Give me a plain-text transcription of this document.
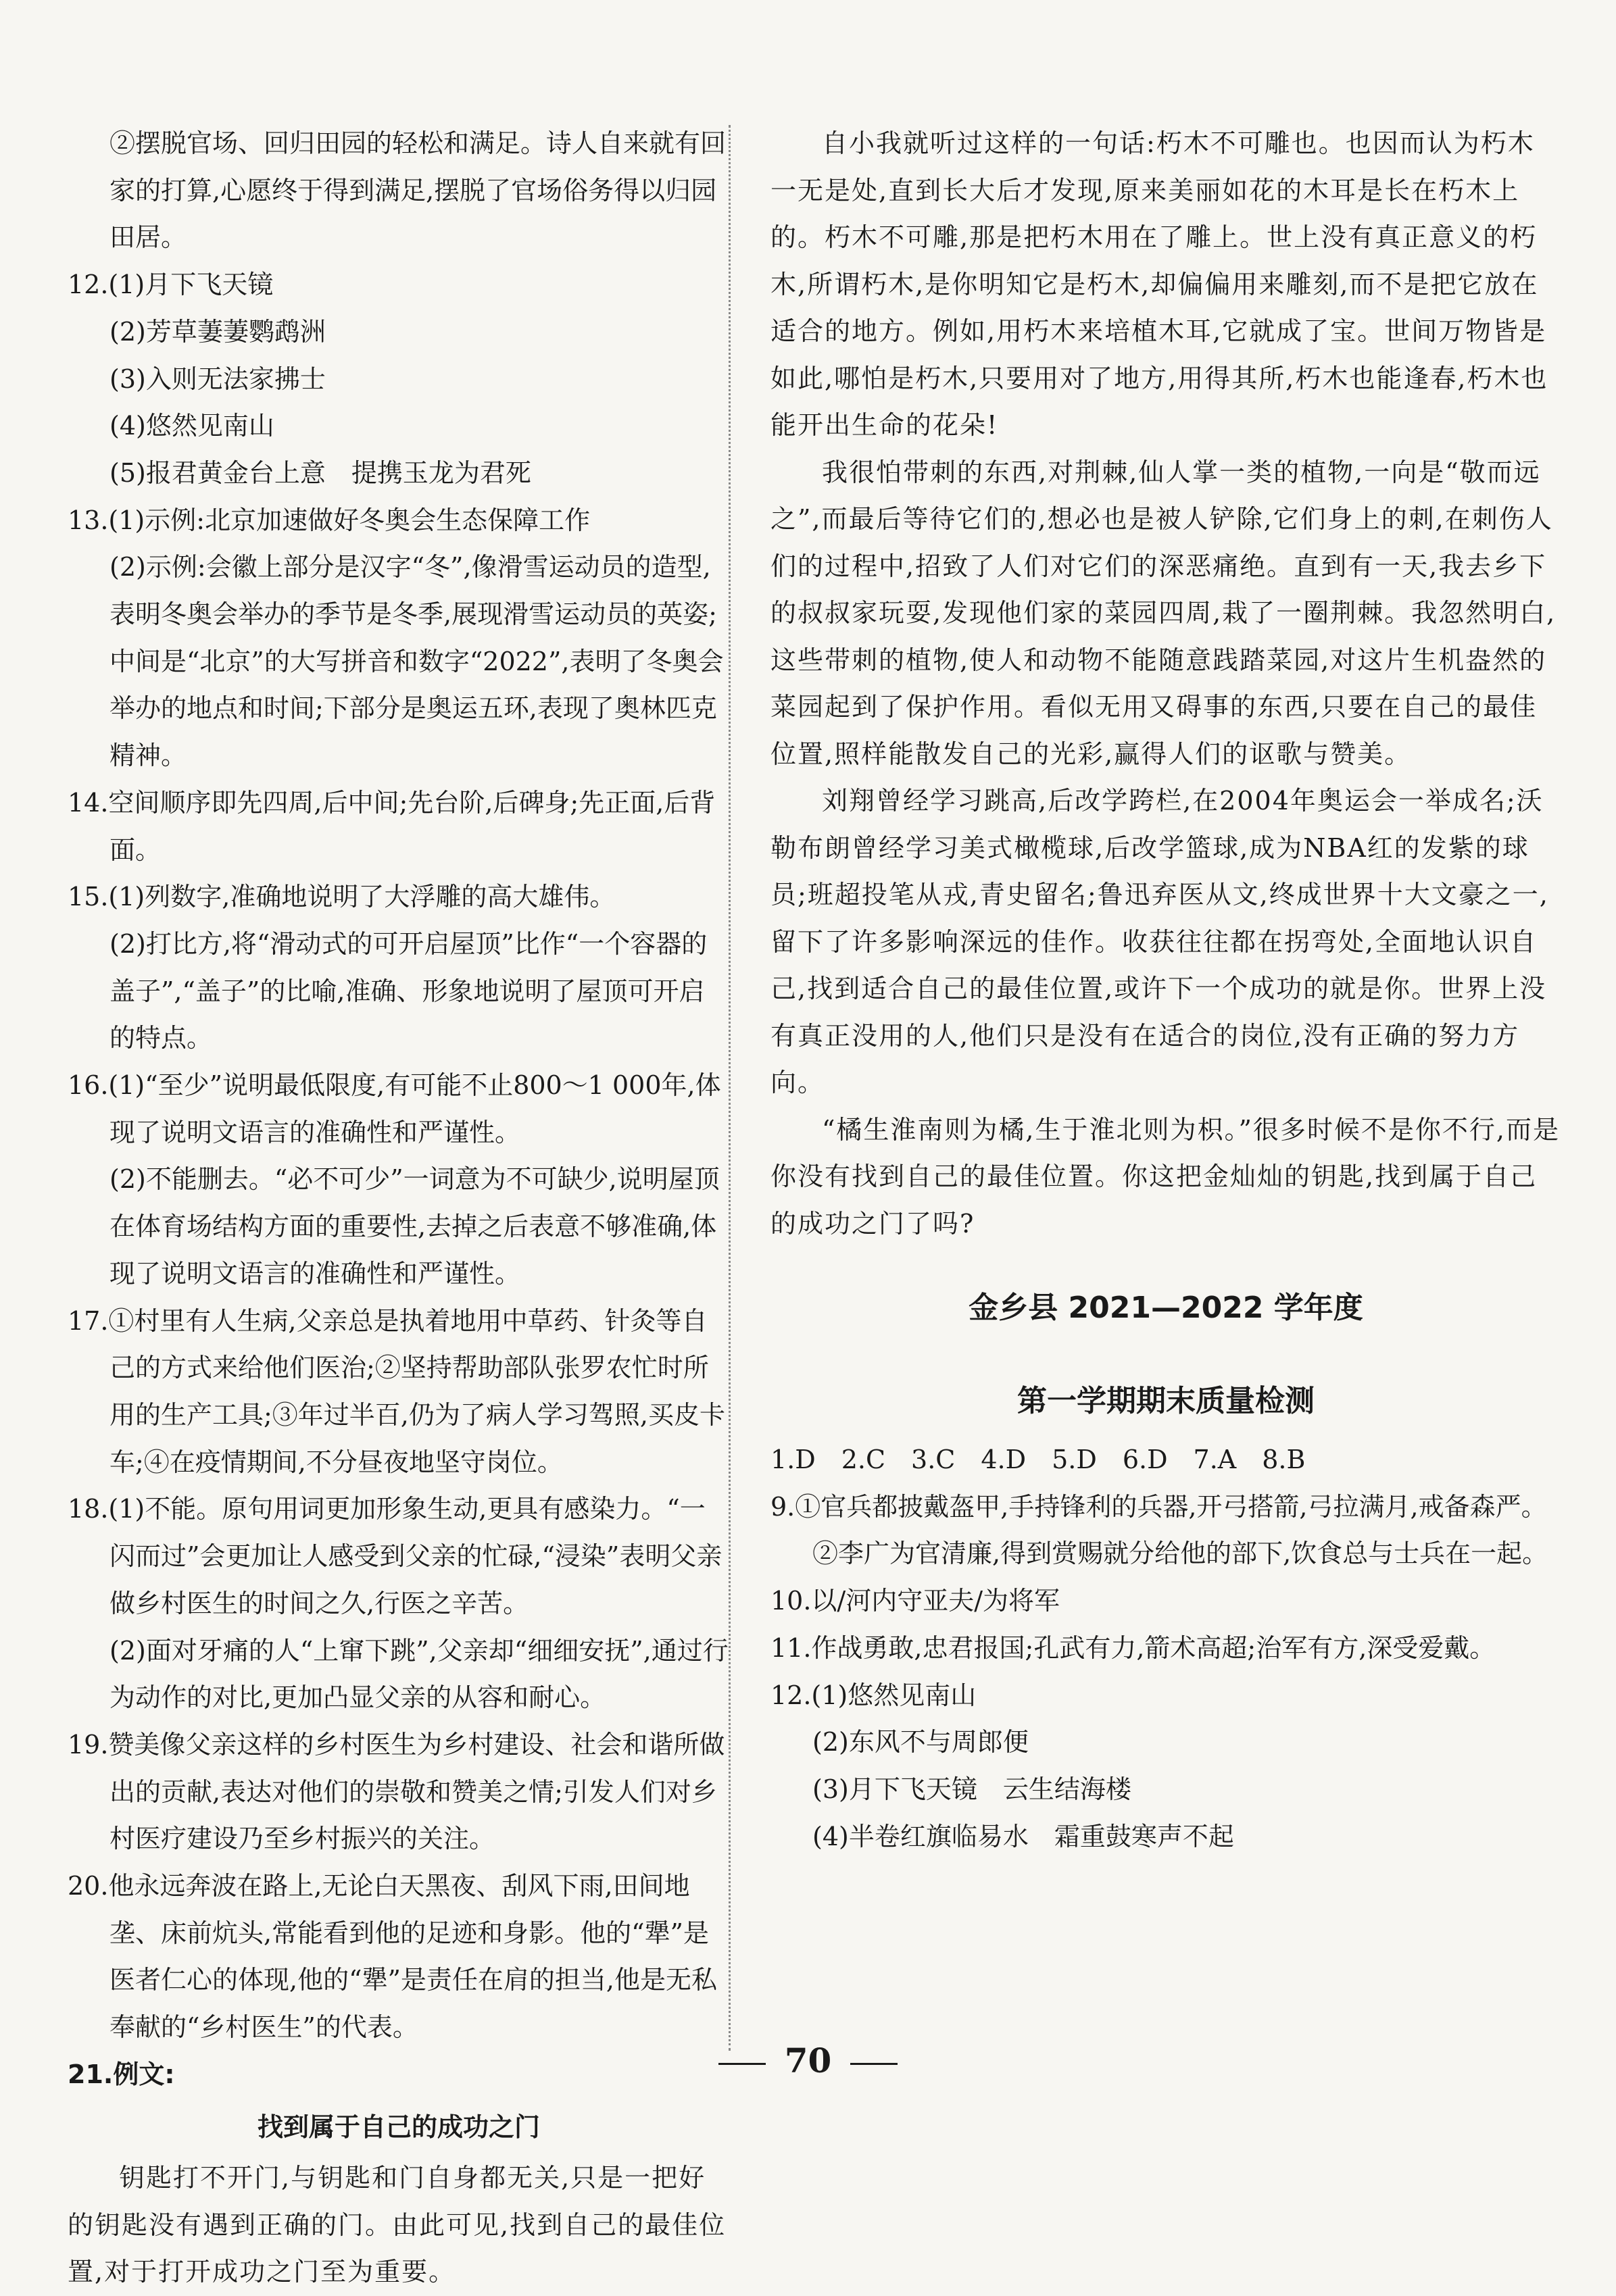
②摆脱官场、回归田园的轻松和满足。诗人自来就有回家的打算,心愿终于得到满足,摆脱了官场俗务得以归园田居。

12.(1)月下飞天镜

(2)芳草萋萋鹦鹉洲

(3)入则无法家拂士

(4)悠然见南山

(5)报君黄金台上意　提携玉龙为君死

13.(1)示例:北京加速做好冬奥会生态保障工作

(2)示例:会徽上部分是汉字“冬”,像滑雪运动员的造型,表明冬奥会举办的季节是冬季,展现滑雪运动员的英姿;中间是“北京”的大写拼音和数字“2022”,表明了冬奥会举办的地点和时间;下部分是奥运五环,表现了奥林匹克精神。

14.空间顺序即先四周,后中间;先台阶,后碑身;先正面,后背面。

15.(1)列数字,准确地说明了大浮雕的高大雄伟。

(2)打比方,将“滑动式的可开启屋顶”比作“一个容器的盖子”,“盖子”的比喻,准确、形象地说明了屋顶可开启的特点。

16.(1)“至少”说明最低限度,有可能不止800～1 000年,体现了说明文语言的准确性和严谨性。

(2)不能删去。“必不可少”一词意为不可缺少,说明屋顶在体育场结构方面的重要性,去掉之后表意不够准确,体现了说明文语言的准确性和严谨性。

17.①村里有人生病,父亲总是执着地用中草药、针灸等自己的方式来给他们医治;②坚持帮助部队张罗农忙时所用的生产工具;③年过半百,仍为了病人学习驾照,买皮卡车;④在疫情期间,不分昼夜地坚守岗位。

18.(1)不能。原句用词更加形象生动,更具有感染力。“一闪而过”会更加让人感受到父亲的忙碌,“浸染”表明父亲做乡村医生的时间之久,行医之辛苦。

(2)面对牙痛的人“上窜下跳”,父亲却“细细安抚”,通过行为动作的对比,更加凸显父亲的从容和耐心。

19.赞美像父亲这样的乡村医生为乡村建设、社会和谐所做出的贡献,表达对他们的崇敬和赞美之情;引发人们对乡村医疗建设乃至乡村振兴的关注。

20.他永远奔波在路上,无论白天黑夜、刮风下雨,田间地垄、床前炕头,常能看到他的足迹和身影。他的“犟”是医者仁心的体现,他的“犟”是责任在肩的担当,他是无私奉献的“乡村医生”的代表。

21.例文:

找到属于自己的成功之门

钥匙打不开门,与钥匙和门自身都无关,只是一把好的钥匙没有遇到正确的门。由此可见,找到自己的最佳位置,对于打开成功之门至为重要。

自小我就听过这样的一句话:朽木不可雕也。也因而认为朽木一无是处,直到长大后才发现,原来美丽如花的木耳是长在朽木上的。朽木不可雕,那是把朽木用在了雕上。世上没有真正意义的朽木,所谓朽木,是你明知它是朽木,却偏偏用来雕刻,而不是把它放在适合的地方。例如,用朽木来培植木耳,它就成了宝。世间万物皆是如此,哪怕是朽木,只要用对了地方,用得其所,朽木也能逢春,朽木也能开出生命的花朵!

我很怕带刺的东西,对荆棘,仙人掌一类的植物,一向是“敬而远之”,而最后等待它们的,想必也是被人铲除,它们身上的刺,在刺伤人们的过程中,招致了人们对它们的深恶痛绝。直到有一天,我去乡下的叔叔家玩耍,发现他们家的菜园四周,栽了一圈荆棘。我忽然明白,这些带刺的植物,使人和动物不能随意践踏菜园,对这片生机盎然的菜园起到了保护作用。看似无用又碍事的东西,只要在自己的最佳位置,照样能散发自己的光彩,赢得人们的讴歌与赞美。

刘翔曾经学习跳高,后改学跨栏,在2004年奥运会一举成名;沃勒布朗曾经学习美式橄榄球,后改学篮球,成为NBA红的发紫的球员;班超投笔从戎,青史留名;鲁迅弃医从文,终成世界十大文豪之一,留下了许多影响深远的佳作。收获往往都在拐弯处,全面地认识自己,找到适合自己的最佳位置,或许下一个成功的就是你。世界上没有真正没用的人,他们只是没有在适合的岗位,没有正确的努力方向。

“橘生淮南则为橘,生于淮北则为枳。”很多时候不是你不行,而是你没有找到自己的最佳位置。你这把金灿灿的钥匙,找到属于自己的成功之门了吗?

金乡县 2021—2022 学年度

第一学期期末质量检测

1.D　2.C　3.C　4.D　5.D　6.D　7.A　8.B

9.①官兵都披戴盔甲,手持锋利的兵器,开弓搭箭,弓拉满月,戒备森严。

②李广为官清廉,得到赏赐就分给他的部下,饮食总与士兵在一起。

10.以/河内守亚夫/为将军

11.作战勇敢,忠君报国;孔武有力,箭术高超;治军有方,深受爱戴。

12.(1)悠然见南山

(2)东风不与周郎便

(3)月下飞天镜　云生结海楼

(4)半卷红旗临易水　霜重鼓寒声不起

70
